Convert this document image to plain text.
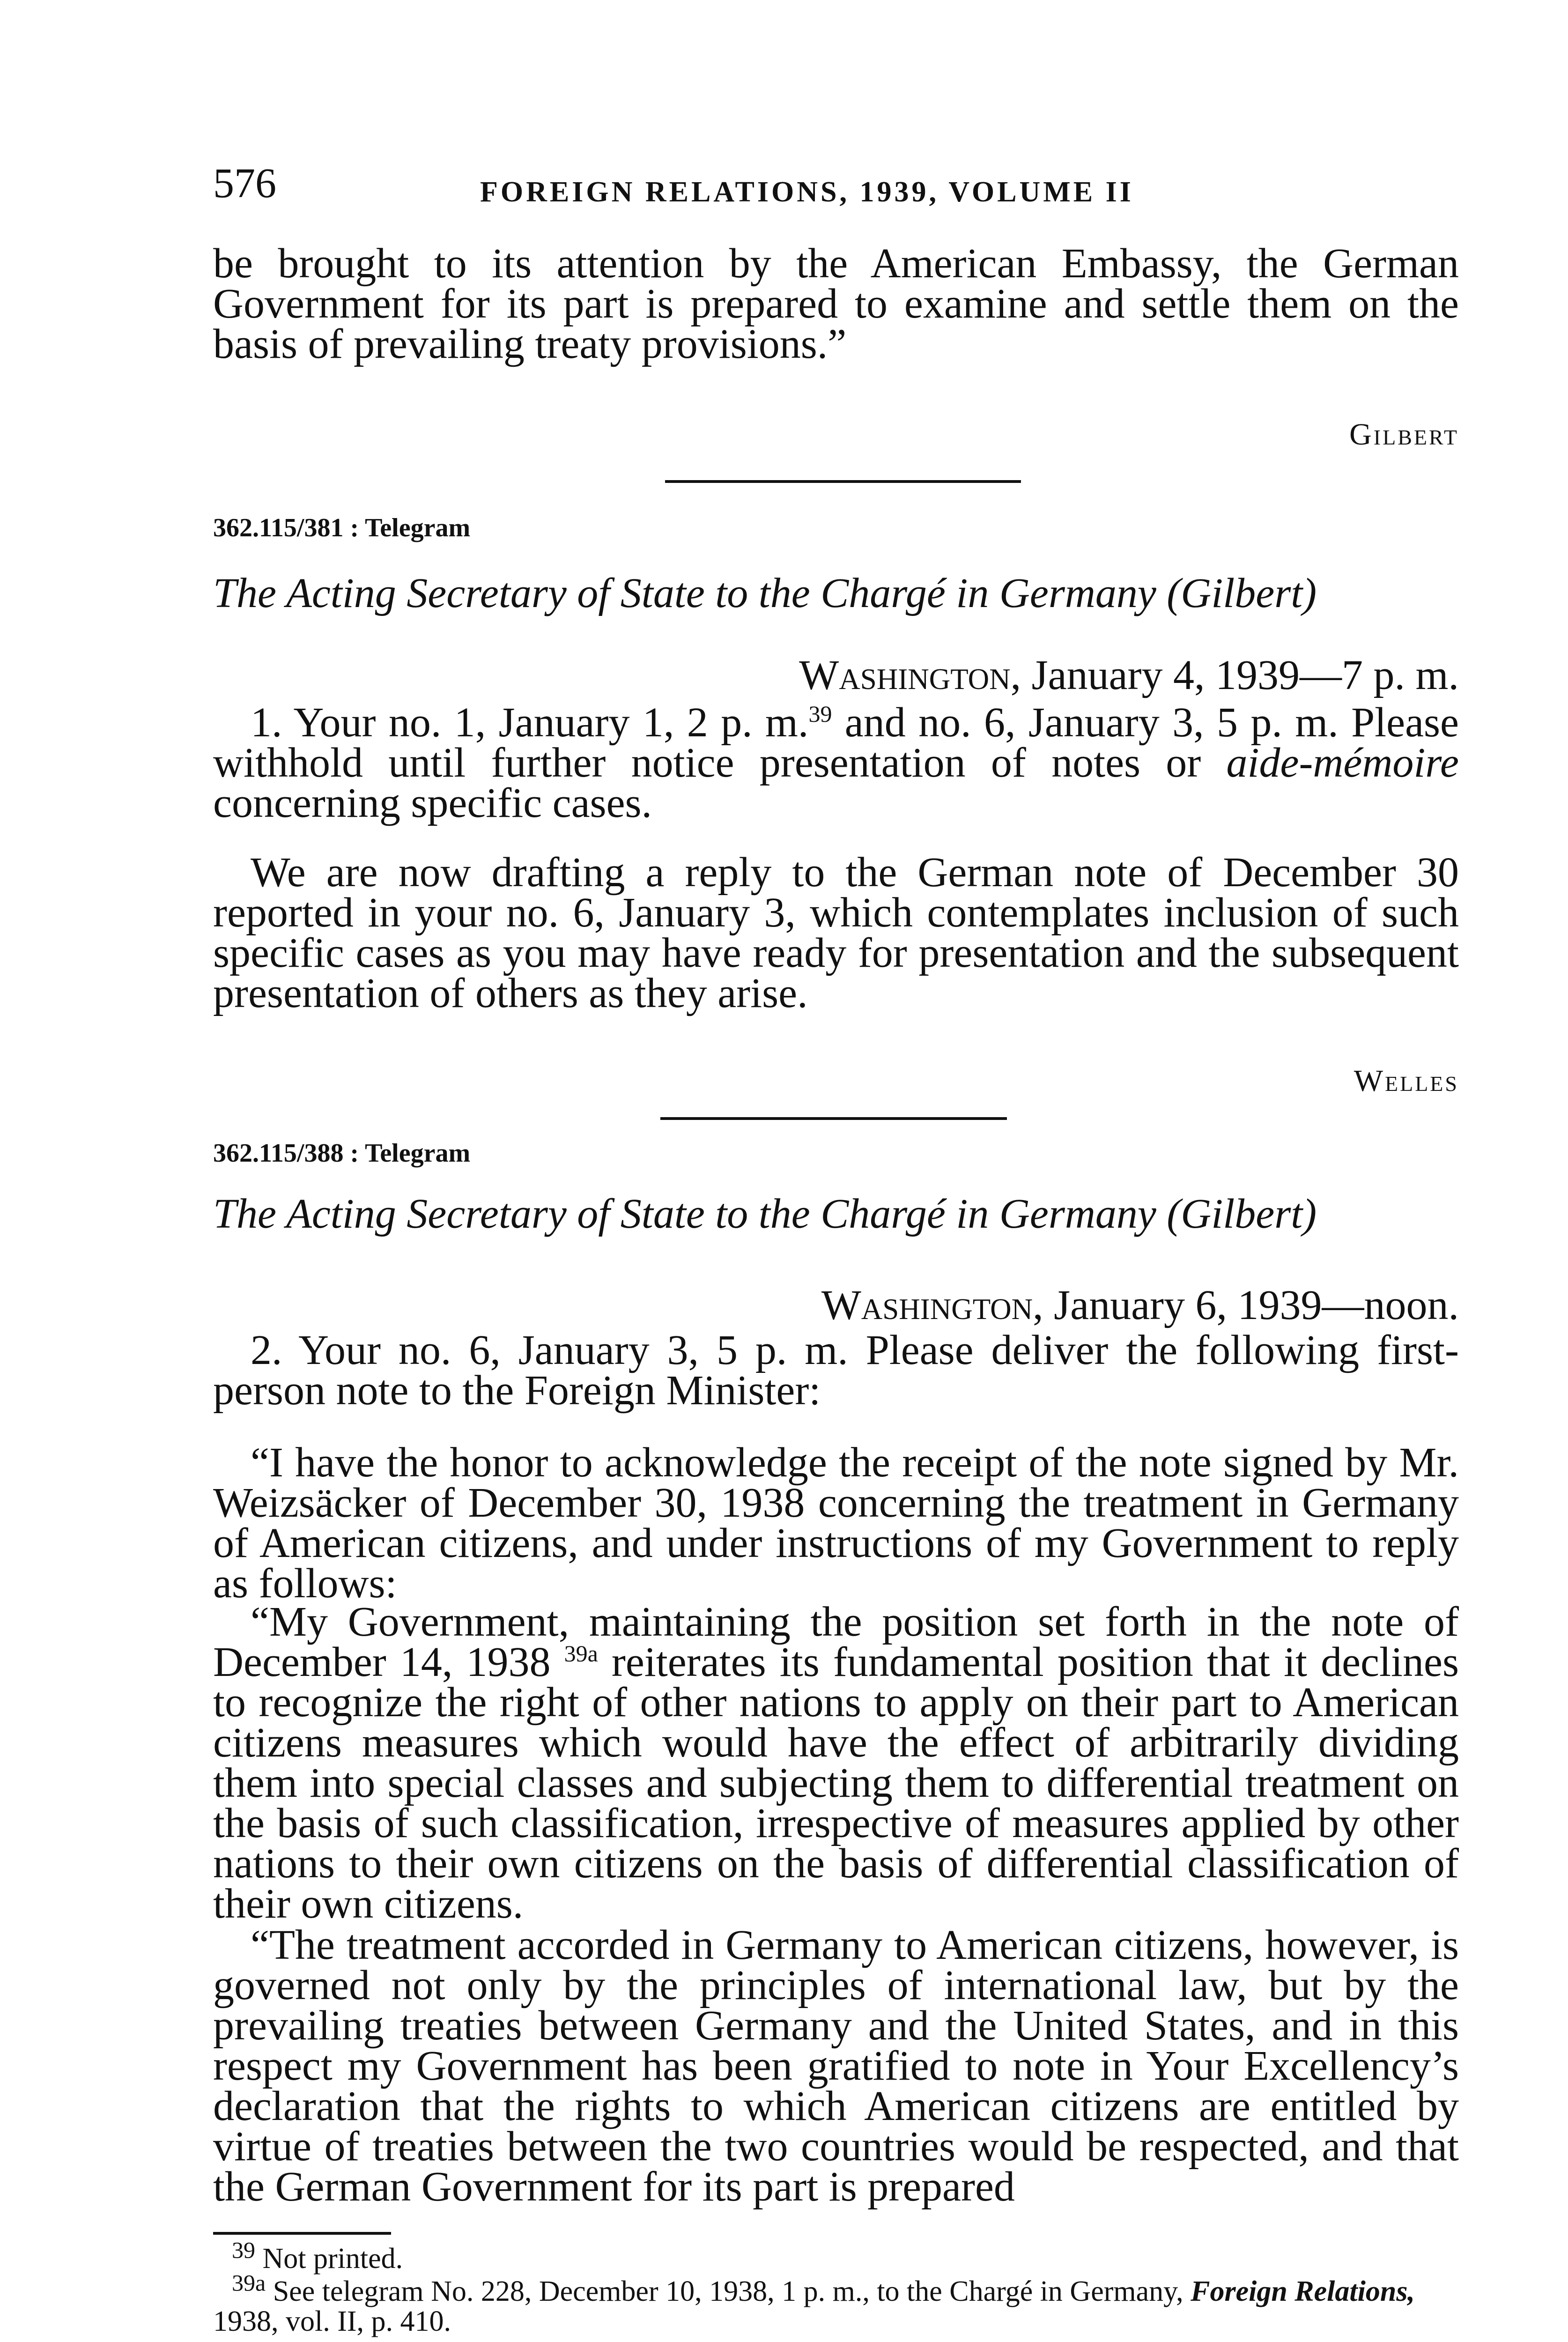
576	FOREIGN RELATIONS, 1939, VOLUME II

be brought to its attention by the American Embassy, the German Government for its part is prepared to examine and settle them on the basis of prevailing treaty provisions.”

Gilbert
362.115/381 : Telegram
The Acting Secretary of State to the Chargé in Germany (Gilbert)
Washington, January 4, 1939—7 p. m.

1. Your no. 1, January 1, 2 p. m.$^{39}$ and no. 6, January 3, 5 p. m. Please withhold until further notice presentation of notes or aide-mémoire concerning specific cases.

We are now drafting a reply to the German note of December 30 reported in your no. 6, January 3, which contemplates inclusion of such specific cases as you may have ready for presentation and the subsequent presentation of others as they arise.

Welles
362.115/388 : Telegram
The Acting Secretary of State to the Chargé in Germany (Gilbert)
Washington, January 6, 1939—noon.

2. Your no. 6, January 3, 5 p. m. Please deliver the following first-person note to the Foreign Minister:

“I have the honor to acknowledge the receipt of the note signed by Mr. Weizsäcker of December 30, 1938 concerning the treatment in Germany of American citizens, and under instructions of my Government to reply as follows:

“My Government, maintaining the position set forth in the note of December 14, 1938 $^{39a}$ reiterates its fundamental position that it declines to recognize the right of other nations to apply on their part to American citizens measures which would have the effect of arbitrarily dividing them into special classes and subjecting them to differential treatment on the basis of such classification, irrespective of measures applied by other nations to their own citizens on the basis of differential classification of their own citizens.

“The treatment accorded in Germany to American citizens, however, is governed not only by the principles of international law, but by the prevailing treaties between Germany and the United States, and in this respect my Government has been gratified to note in Your Excellency’s declaration that the rights to which American citizens are entitled by virtue of treaties between the two countries would be respected, and that the German Government for its part is prepared

$^{39}$ Not printed.

$^{39a}$ See telegram No. 228, December 10, 1938, 1 p. m., to the Chargé in Germany, Foreign Relations, 1938, vol. II, p. 410.
